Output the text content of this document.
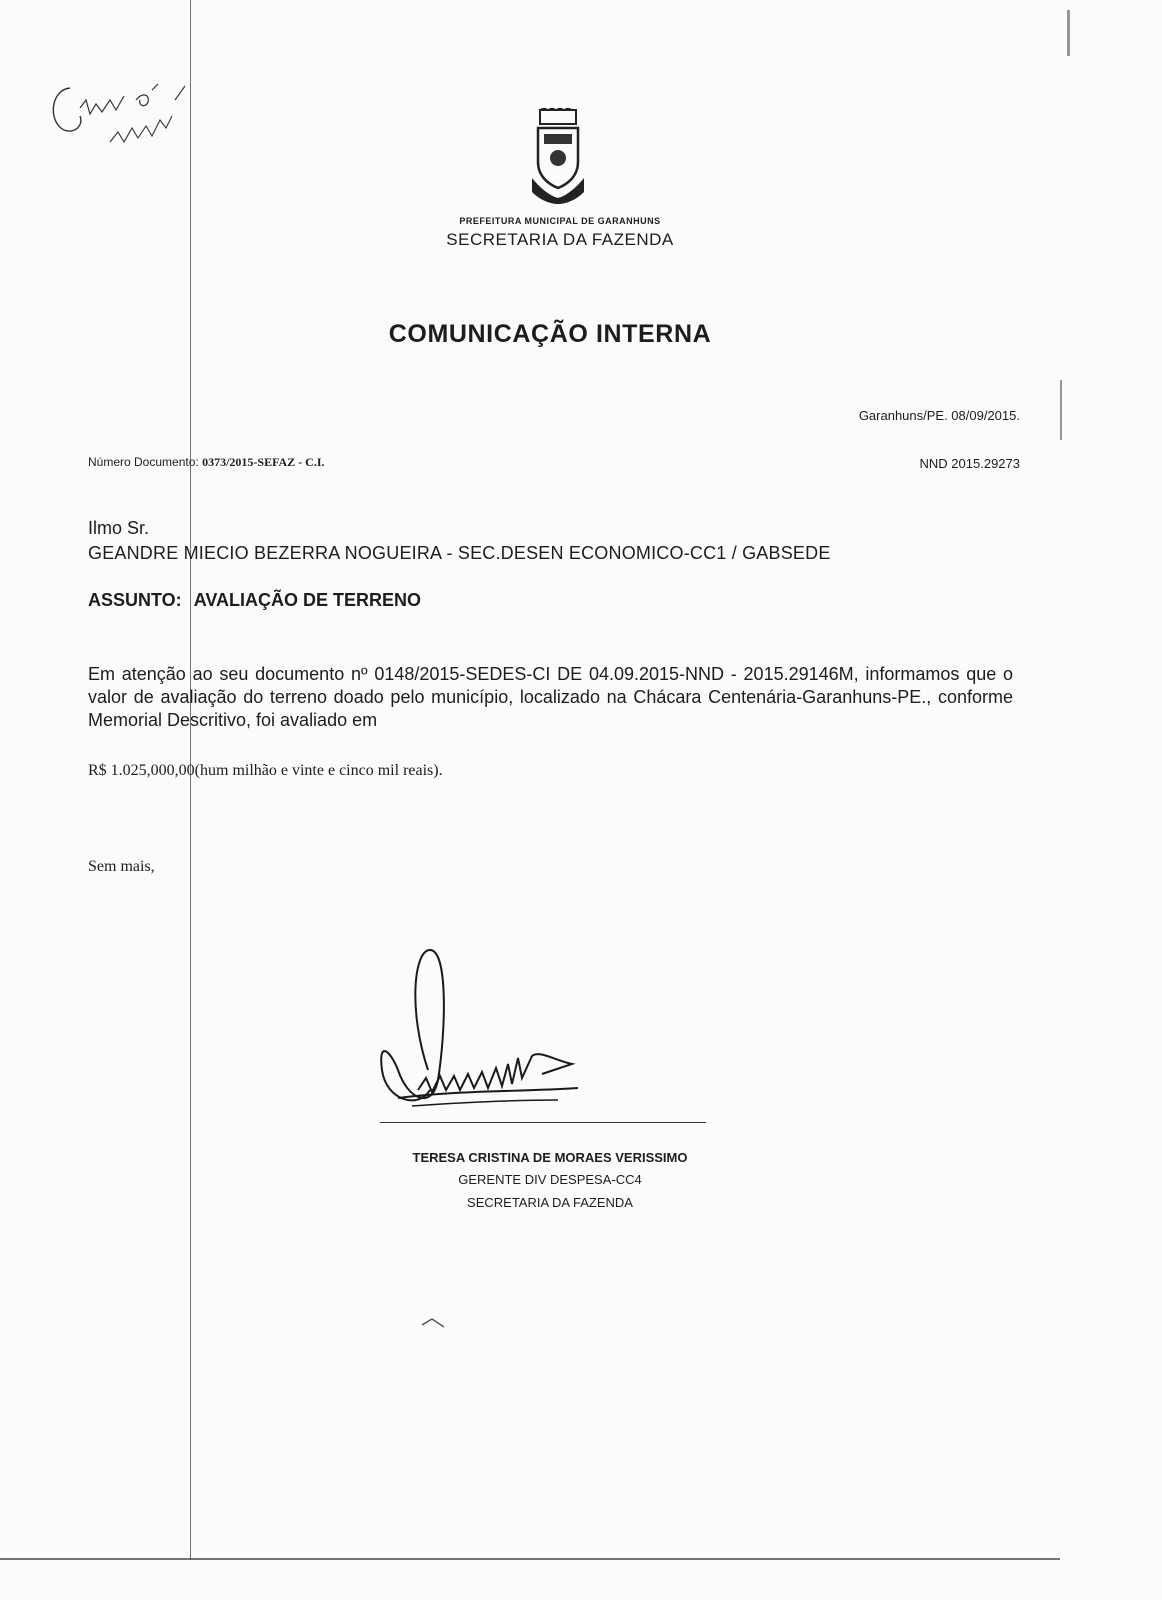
PREFEITURA MUNICIPAL DE GARANHUNS
SECRETARIA DA FAZENDA
COMUNICAÇÃO INTERNA
Garanhuns/PE. 08/09/2015.
Número Documento: 0373/2015-SEFAZ - C.I.	NND 2015.29273
Ilmo Sr.
GEANDRE MIECIO BEZERRA NOGUEIRA - SEC.DESEN ECONOMICO-CC1 / GABSEDE
ASSUNTO: AVALIAÇÃO DE TERRENO
Em atenção ao seu documento nº 0148/2015-SEDES-CI DE 04.09.2015-NND - 2015.29146M, informamos que o valor de avaliação do terreno doado pelo município, localizado na Chácara Centenária-Garanhuns-PE., conforme Memorial Descritivo, foi avaliado em
R$ 1.025,000,00(hum milhão e vinte e cinco mil reais).
Sem mais,
TERESA CRISTINA DE MORAES VERISSIMO
GERENTE DIV DESPESA-CC4
SECRETARIA DA FAZENDA
